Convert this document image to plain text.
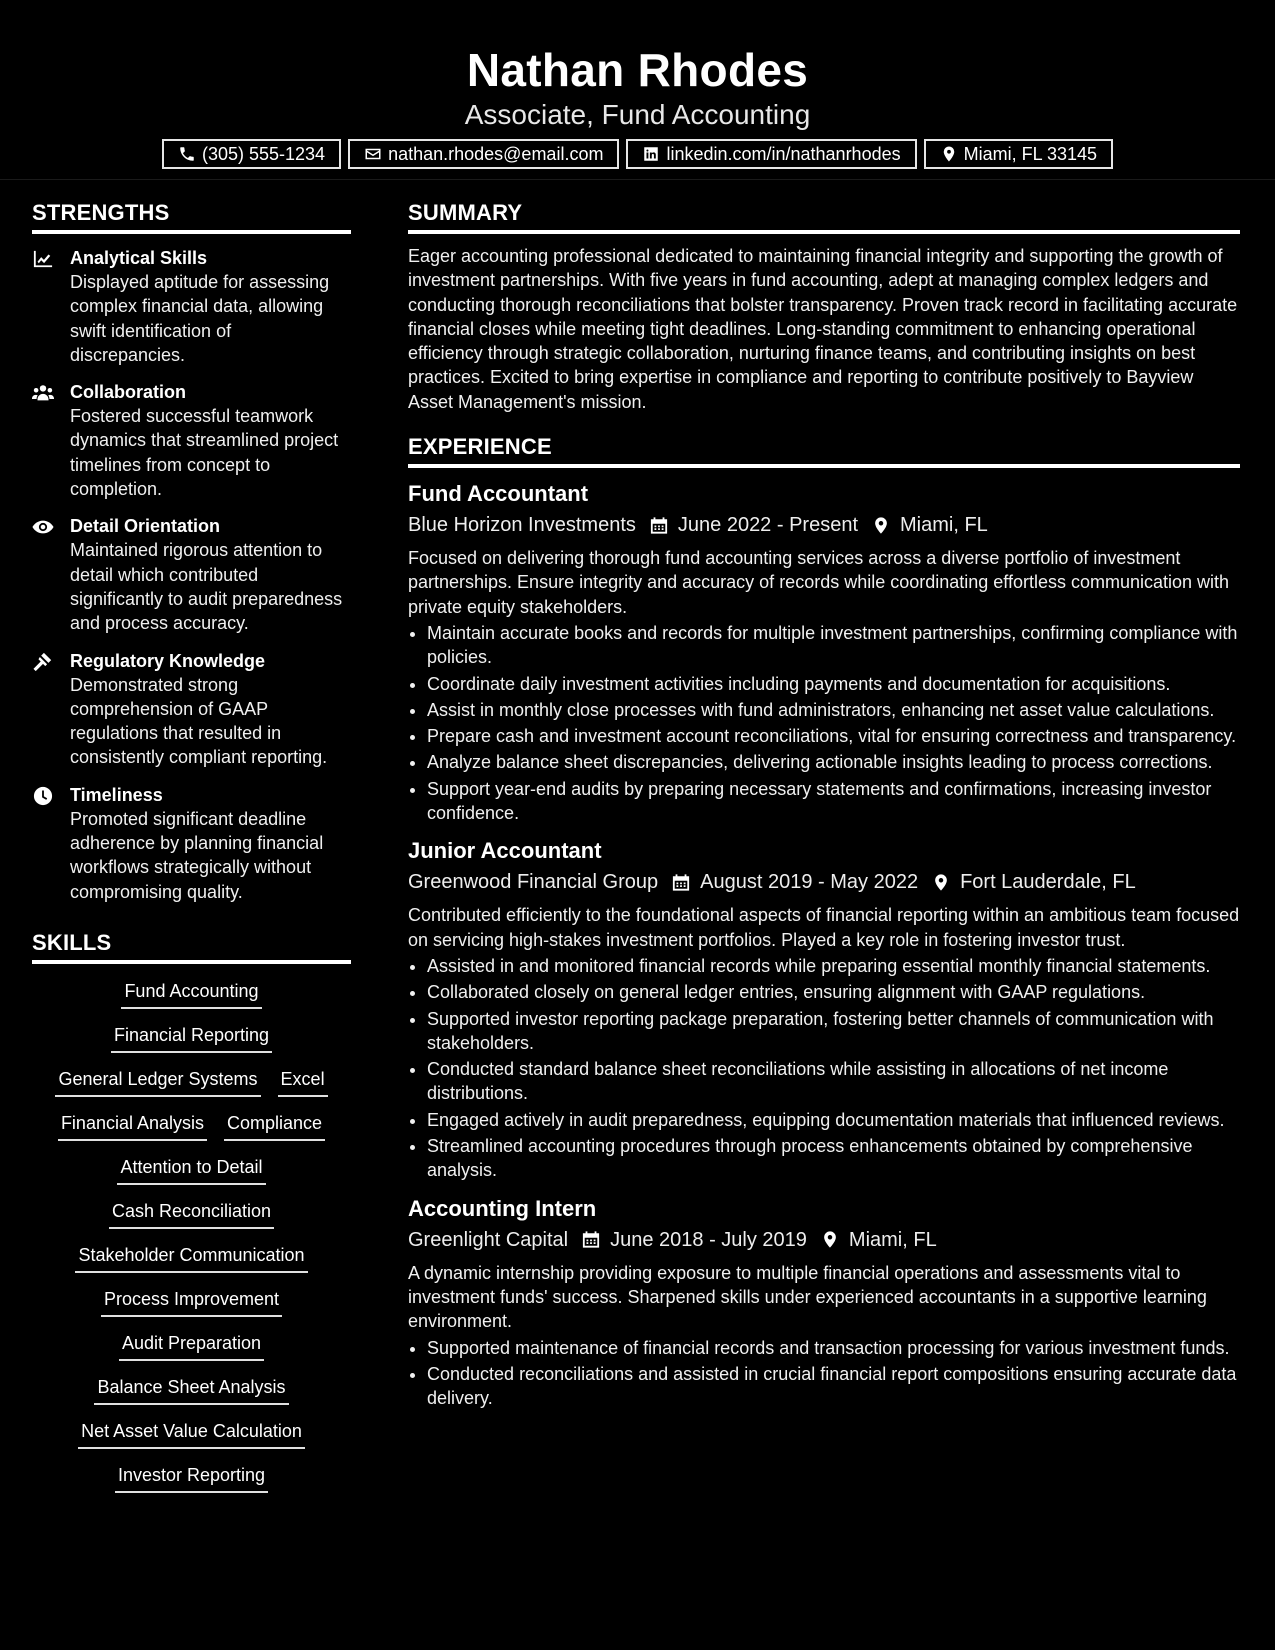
Nathan Rhodes
Associate, Fund Accounting
(305) 555-1234	nathan.rhodes@email.com	linkedin.com/in/nathanrhodes	Miami, FL 33145
STRENGTHS
Analytical Skills
Displayed aptitude for assessing complex financial data, allowing swift identification of discrepancies.
Collaboration
Fostered successful teamwork dynamics that streamlined project timelines from concept to completion.
Detail Orientation
Maintained rigorous attention to detail which contributed significantly to audit preparedness and process accuracy.
Regulatory Knowledge
Demonstrated strong comprehension of GAAP regulations that resulted in consistently compliant reporting.
Timeliness
Promoted significant deadline adherence by planning financial workflows strategically without compromising quality.
SKILLS
Fund Accounting
Financial Reporting
General Ledger Systems Excel
Financial Analysis Compliance
Attention to Detail
Cash Reconciliation
Stakeholder Communication
Process Improvement
Audit Preparation
Balance Sheet Analysis
Net Asset Value Calculation
Investor Reporting
SUMMARY
Eager accounting professional dedicated to maintaining financial integrity and supporting the growth of investment partnerships. With five years in fund accounting, adept at managing complex ledgers and conducting thorough reconciliations that bolster transparency. Proven track record in facilitating accurate financial closes while meeting tight deadlines. Long-standing commitment to enhancing operational efficiency through strategic collaboration, nurturing finance teams, and contributing insights on best practices. Excited to bring expertise in compliance and reporting to contribute positively to Bayview Asset Management's mission.
EXPERIENCE
Fund Accountant
Blue Horizon Investments June 2022 - Present Miami, FL
Focused on delivering thorough fund accounting services across a diverse portfolio of investment partnerships. Ensure integrity and accuracy of records while coordinating effortless communication with private equity stakeholders.
• Maintain accurate books and records for multiple investment partnerships, confirming compliance with policies.
• Coordinate daily investment activities including payments and documentation for acquisitions.
• Assist in monthly close processes with fund administrators, enhancing net asset value calculations.
• Prepare cash and investment account reconciliations, vital for ensuring correctness and transparency.
• Analyze balance sheet discrepancies, delivering actionable insights leading to process corrections.
• Support year-end audits by preparing necessary statements and confirmations, increasing investor confidence.
Junior Accountant
Greenwood Financial Group August 2019 - May 2022 Fort Lauderdale, FL
Contributed efficiently to the foundational aspects of financial reporting within an ambitious team focused on servicing high-stakes investment portfolios. Played a key role in fostering investor trust.
• Assisted in and monitored financial records while preparing essential monthly financial statements.
• Collaborated closely on general ledger entries, ensuring alignment with GAAP regulations.
• Supported investor reporting package preparation, fostering better channels of communication with stakeholders.
• Conducted standard balance sheet reconciliations while assisting in allocations of net income distributions.
• Engaged actively in audit preparedness, equipping documentation materials that influenced reviews.
• Streamlined accounting procedures through process enhancements obtained by comprehensive analysis.
Accounting Intern
Greenlight Capital June 2018 - July 2019 Miami, FL
A dynamic internship providing exposure to multiple financial operations and assessments vital to investment funds' success. Sharpened skills under experienced accountants in a supportive learning environment.
• Supported maintenance of financial records and transaction processing for various investment funds.
• Conducted reconciliations and assisted in crucial financial report compositions ensuring accurate data delivery.
